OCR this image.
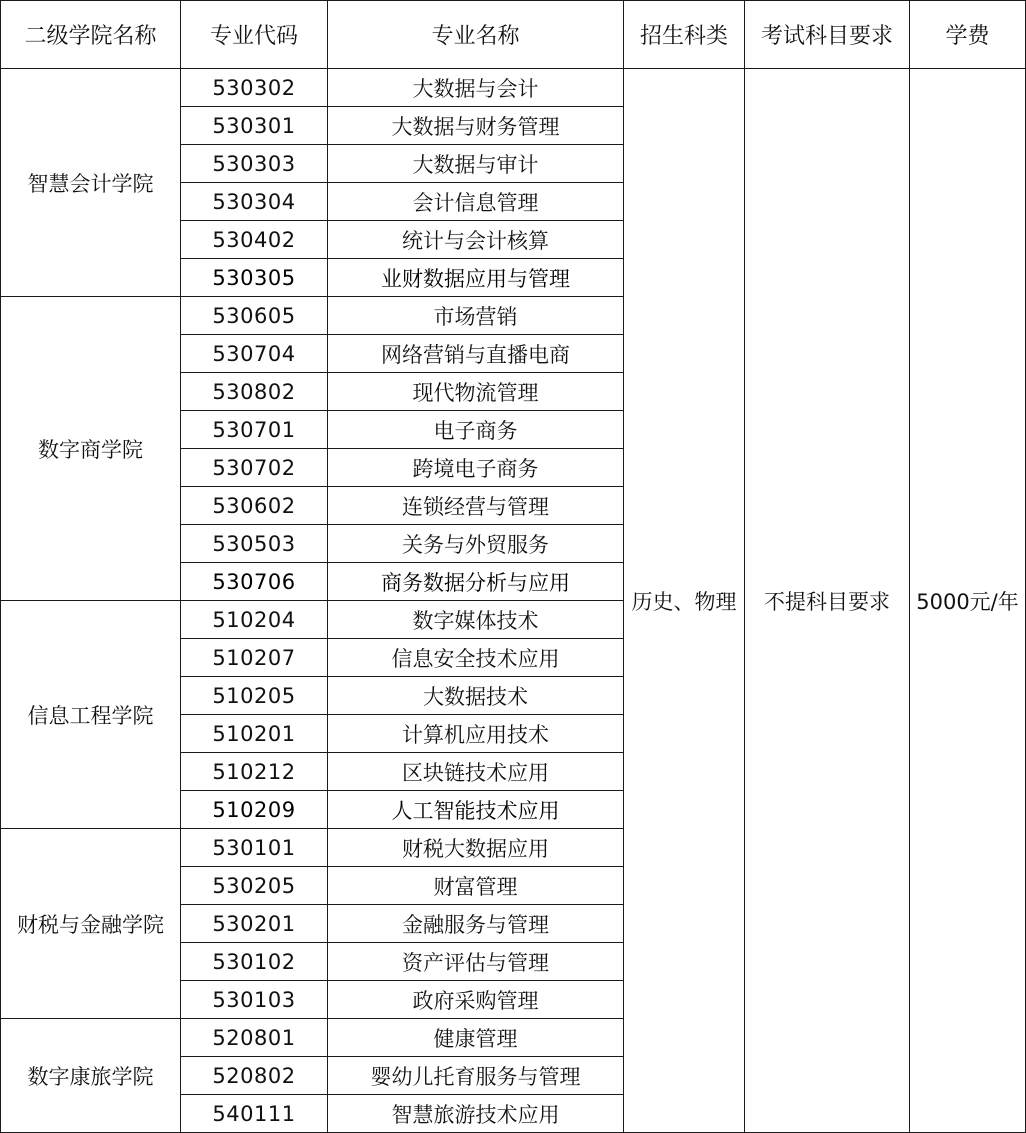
二级学院名称	专业代码	专业名称	招生科类	考试科目要求	学费
智慧会计学院	530302	大数据与会计	历史、物理	不提科目要求	5000元/年
	530301	大数据与财务管理			
	530303	大数据与审计			
	530304	会计信息管理			
	530402	统计与会计核算			
	530305	业财数据应用与管理			
数字商学院	530605	市场营销			
	530704	网络营销与直播电商			
	530802	现代物流管理			
	530701	电子商务			
	530702	跨境电子商务			
	530602	连锁经营与管理			
	530503	关务与外贸服务			
	530706	商务数据分析与应用			
信息工程学院	510204	数字媒体技术			
	510207	信息安全技术应用			
	510205	大数据技术			
	510201	计算机应用技术			
	510212	区块链技术应用			
	510209	人工智能技术应用			
财税与金融学院	530101	财税大数据应用			
	530205	财富管理			
	530201	金融服务与管理			
	530102	资产评估与管理			
	530103	政府采购管理			
数字康旅学院	520801	健康管理			
	520802	婴幼儿托育服务与管理			
	540111	智慧旅游技术应用			
